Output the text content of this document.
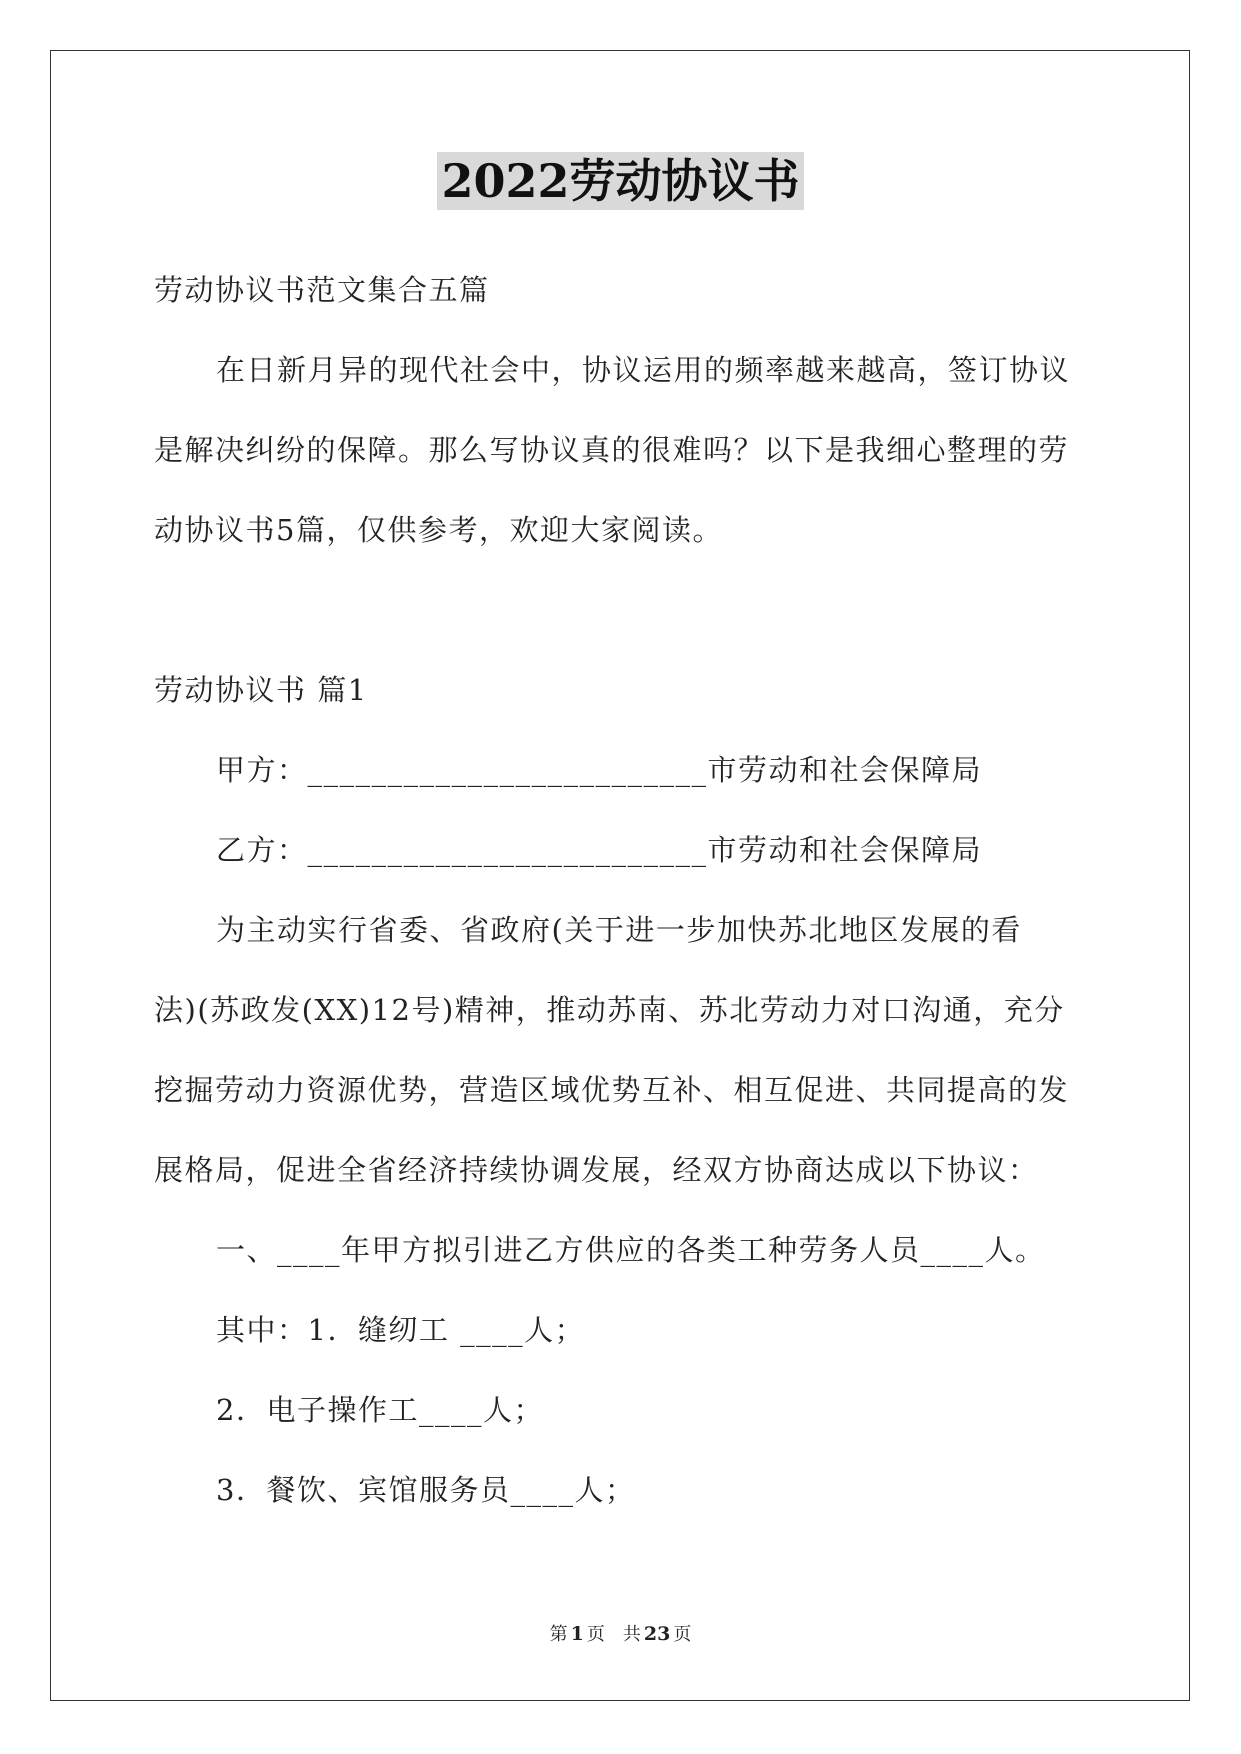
2022劳动协议书
劳动协议书范文集合五篇
在日新月异的现代社会中，协议运用的频率越来越高，签订协议
是解决纠纷的保障。那么写协议真的很难吗？以下是我细心整理的劳
动协议书5篇，仅供参考，欢迎大家阅读。
劳动协议书 篇1
甲方：_________________________市劳动和社会保障局
乙方：_________________________市劳动和社会保障局
为主动实行省委、省政府(关于进一步加快苏北地区发展的看
法)(苏政发(XX)12号)精神，推动苏南、苏北劳动力对口沟通，充分
挖掘劳动力资源优势，营造区域优势互补、相互促进、共同提高的发
展格局，促进全省经济持续协调发展，经双方协商达成以下协议：
一、____年甲方拟引进乙方供应的各类工种劳务人员____人。
其中：1．缝纫工 ____人；
2．电子操作工____人；
3．餐饮、宾馆服务员____人；
第 1 页 共 23 页
